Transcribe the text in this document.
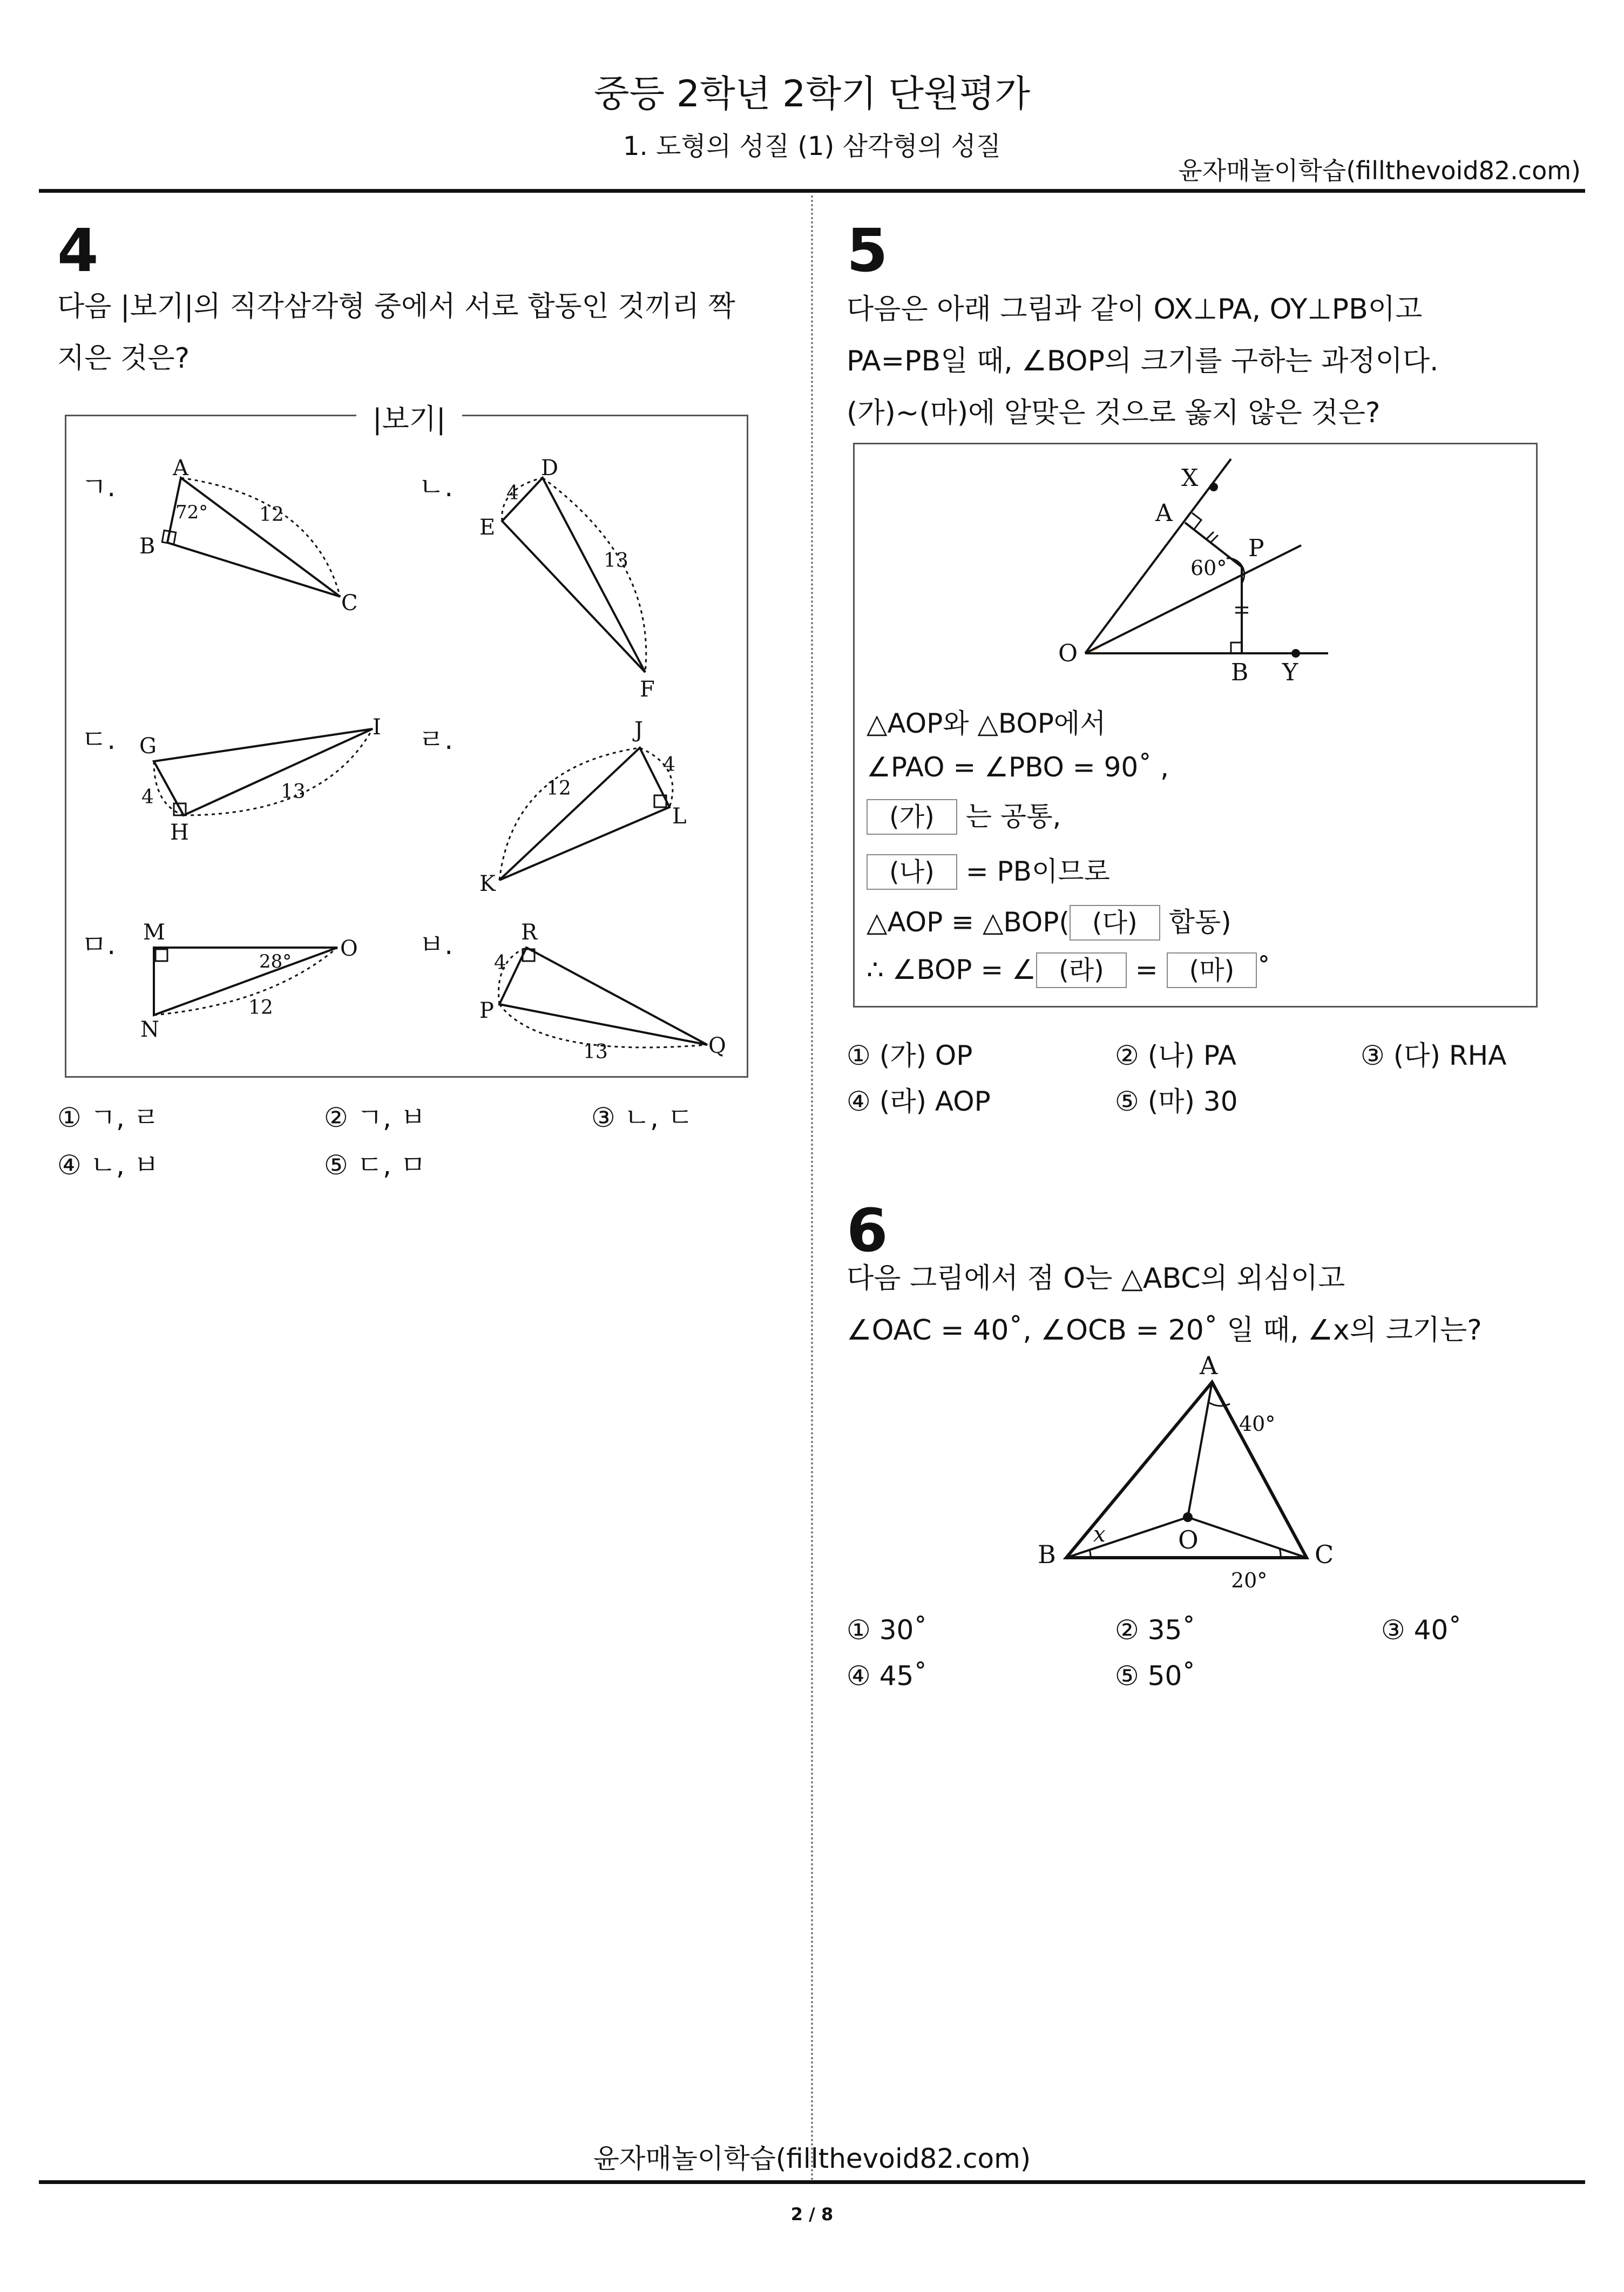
중등 2학년 2학기 단원평가
1. 도형의 성질 (1) 삼각형의 성질
윤자매놀이학습(fillthevoid82.com)
4
다음 |보기|의 직각삼각형 중에서 서로 합동인 것끼리 짝
지은 것은?
|보기|
ㄱ.	ㄴ.
ㄷ.	ㄹ.
ㅁ.	ㅂ.
A
B
C
72°	12
D
E
F
4
13
G
H
I
4	13
J
K
L
12
4
M
N
O
28°
12
R
P
Q
4
13
① ㄱ, ㄹ	② ㄱ, ㅂ	③ ㄴ, ㄷ
④ ㄴ, ㅂ	⑤ ㄷ, ㅁ
5
다음은 아래 그림과 같이 OX⊥PA, OY⊥PB이고
PA=PB일 때, ∠BOP의 크기를 구하는 과정이다.
(가)~(마)에 알맞은 것으로 옳지 않은 것은?
X
A
P
60°
O
B Y
△AOP와 △BOP에서
∠PAO = ∠PBO = 90˚ ,
(가) 는 공통,
(나) = PB이므로
△AOP ≡ △BOP( (다) 합동)
∴ ∠BOP = ∠ (라) = (마) ˚
① (가) OP	② (나) PA	③ (다) RHA
④ (라) AOP	⑤ (마) 30
6
다음 그림에서 점 O는 △ABC의 외심이고
∠OAC = 40˚, ∠OCB = 20˚ 일 때, ∠x의 크기는?
A
40°
O
x
B	C
20°
① 30˚	② 35˚	③ 40˚
④ 45˚	⑤ 50˚
윤자매놀이학습(fillthevoid82.com)
2 / 8
